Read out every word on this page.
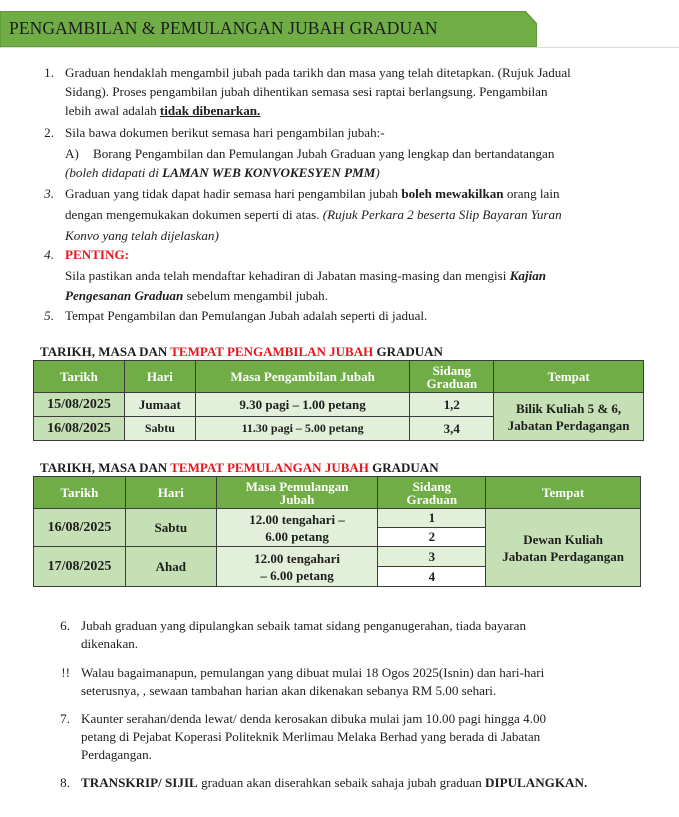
PENGAMBILAN & PEMULANGAN JUBAH GRADUAN
1. Graduan hendaklah mengambil jubah pada tarikh dan masa yang telah ditetapkan. (Rujuk Jadual
Sidang). Proses pengambilan jubah dihentikan semasa sesi raptai berlangsung. Pengambilan
lebih awal adalah tidak dibenarkan.
2. Sila bawa dokumen berikut semasa hari pengambilan jubah:-
A) Borang Pengambilan dan Pemulangan Jubah Graduan yang lengkap dan bertandatangan
(boleh didapati di LAMAN WEB KONVOKESYEN PMM)
3. Graduan yang tidak dapat hadir semasa hari pengambilan jubah boleh mewakilkan orang lain
dengan mengemukakan dokumen seperti di atas. (Rujuk Perkara 2 beserta Slip Bayaran Yuran
Konvo yang telah dijelaskan)
4. PENTING:
Sila pastikan anda telah mendaftar kehadiran di Jabatan masing-masing dan mengisi Kajian
Pengesanan Graduan sebelum mengambil jubah.
5. Tempat Pengambilan dan Pemulangan Jubah adalah seperti di jadual.
TARIKH, MASA DAN TEMPAT PENGAMBILAN JUBAH GRADUAN
Tarikh	Hari	Masa Pengambilan Jubah	Sidang
Graduan	Tempat
15/08/2025	Jumaat	9.30 pagi – 1.00 petang	1,2	Bilik Kuliah 5 & 6,
Jabatan Perdagangan
16/08/2025	Sabtu	11.30 pagi – 5.00 petang	3,4	
TARIKH, MASA DAN TEMPAT PEMULANGAN JUBAH GRADUAN
Tarikh	Hari	Masa Pemulangan
Jubah	Sidang
Graduan	Tempat
16/08/2025	Sabtu	12.00 tengahari –
6.00 petang	1	Dewan Kuliah
Jabatan Perdagangan
			2	
17/08/2025	Ahad	12.00 tengahari
– 6.00 petang	3	
			4	
6. Jubah graduan yang dipulangkan sebaik tamat sidang penganugerahan, tiada bayaran
dikenakan.
!! Walau bagaimanapun, pemulangan yang dibuat mulai 18 Ogos 2025(Isnin) dan hari-hari
seterusnya, , sewaan tambahan harian akan dikenakan sebanya RM 5.00 sehari.
7. Kaunter serahan/denda lewat/ denda kerosakan dibuka mulai jam 10.00 pagi hingga 4.00
petang di Pejabat Koperasi Politeknik Merlimau Melaka Berhad yang berada di Jabatan
Perdagangan.
8. TRANSKRIP/ SIJIL graduan akan diserahkan sebaik sahaja jubah graduan DIPULANGKAN.
